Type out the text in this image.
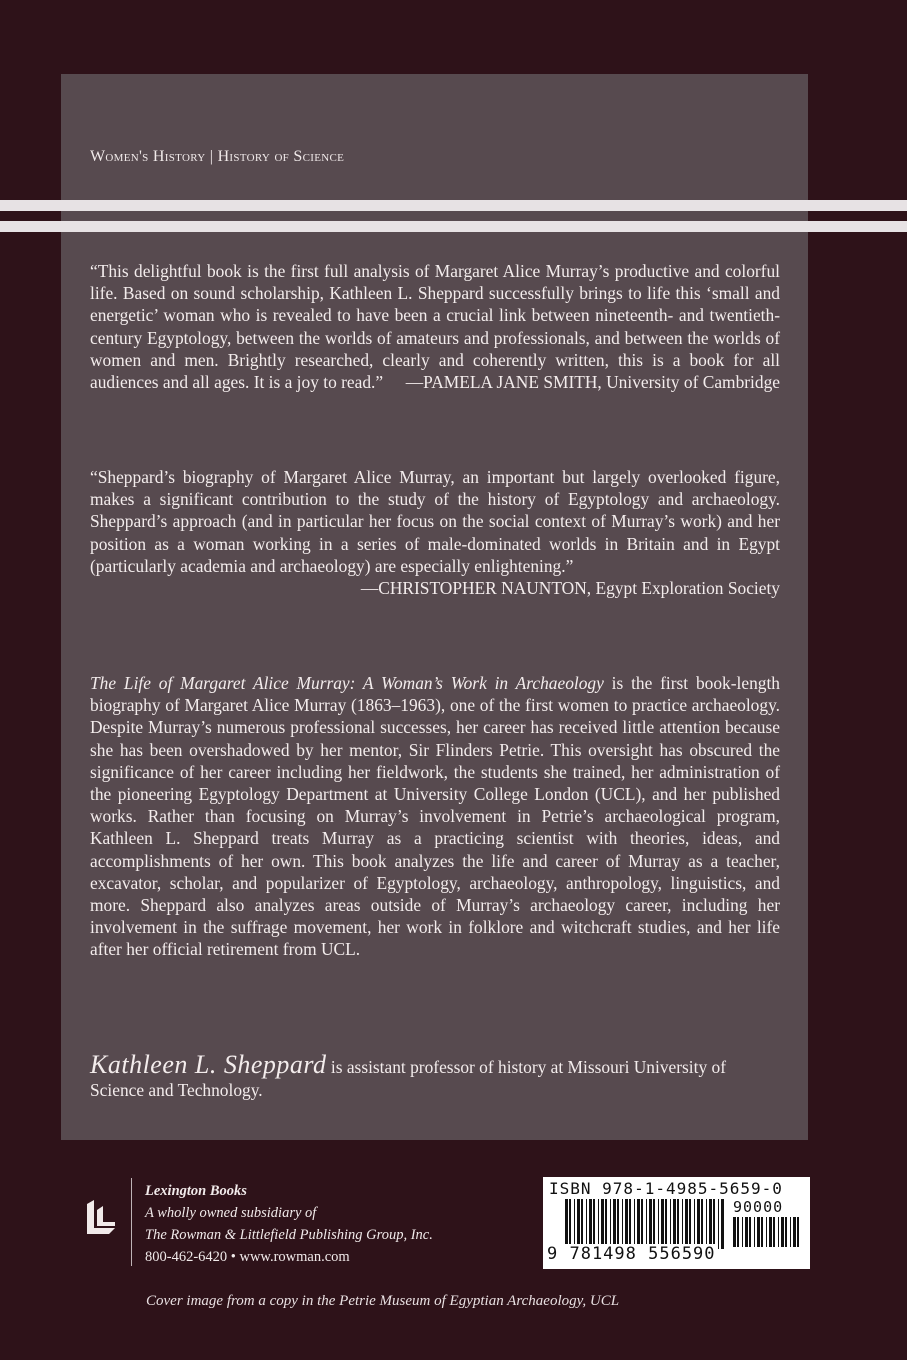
Women's History | History of Science

“This delightful book is the first full analysis of Margaret Alice Murray’s productive and colorful life. Based on sound scholarship, Kathleen L. Sheppard successfully brings to life this ‘small and energetic’ woman who is revealed to have been a crucial link between nineteenth- and twentieth-century Egyptology, between the worlds of amateurs and professionals, and between the worlds of women and men. Brightly researched, clearly and coherently written, this is a book for all audiences and all ages. It is a joy to read.”	—PAMELA JANE SMITH, University of Cambridge

“Sheppard’s biography of Margaret Alice Murray, an important but largely overlooked figure, makes a significant contribution to the study of the history of Egyptology and archaeology. Sheppard’s approach (and in particular her focus on the social context of Murray’s work) and her position as a woman working in a series of male-dominated worlds in Britain and in Egypt (particularly academia and archaeology) are especially enlightening.”
—CHRISTOPHER NAUNTON, Egypt Exploration Society

The Life of Margaret Alice Murray: A Woman’s Work in Archaeology is the first book-length biography of Margaret Alice Murray (1863–1963), one of the first women to practice archaeology. Despite Murray’s numerous professional successes, her career has received little attention because she has been overshadowed by her mentor, Sir Flinders Petrie. This oversight has obscured the significance of her career including her fieldwork, the students she trained, her administration of the pioneering Egyptology Department at University College London (UCL), and her published works. Rather than focusing on Murray’s involvement in Petrie’s archaeological program, Kathleen L. Sheppard treats Murray as a practicing scientist with theories, ideas, and accomplishments of her own. This book analyzes the life and career of Murray as a teacher, excavator, scholar, and popularizer of Egyptology, archaeology, anthropology, linguistics, and more. Sheppard also analyzes areas outside of Murray’s archaeology career, including her involvement in the suffrage movement, her work in folklore and witchcraft studies, and her life after her official retirement from UCL.

Kathleen L. Sheppard is assistant professor of history at Missouri University of Science and Technology.
Lexington Books
A wholly owned subsidiary of
The Rowman & Littlefield Publishing Group, Inc.
800-462-6420 • www.rowman.com
ISBN 978-1-4985-5659-0
90000
9 781498 556590
Cover image from a copy in the Petrie Museum of Egyptian Archaeology, UCL
